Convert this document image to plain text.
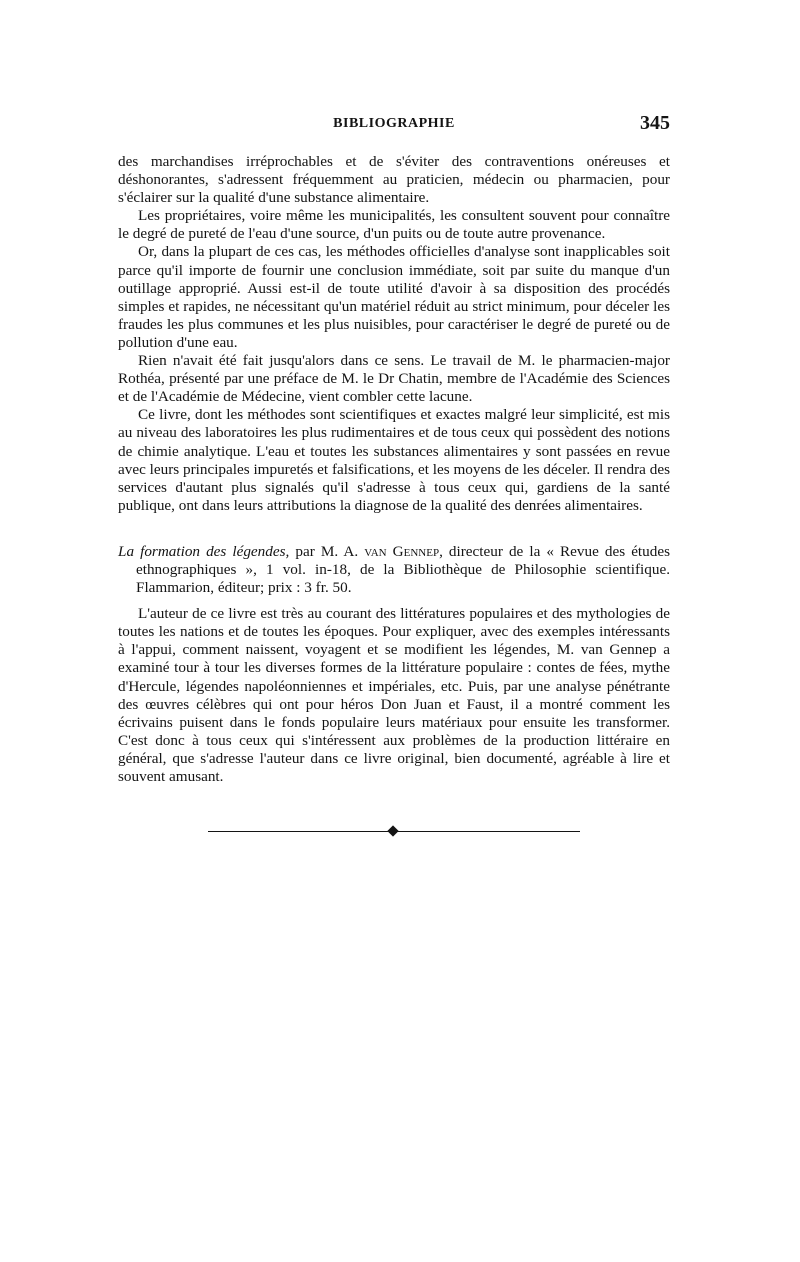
BIBLIOGRAPHIE	345

des marchandises irréprochables et de s'éviter des contraventions onéreuses et déshonorantes, s'adressent fréquemment au praticien, médecin ou pharmacien, pour s'éclairer sur la qualité d'une substance alimentaire.

Les propriétaires, voire même les municipalités, les consultent souvent pour connaître le degré de pureté de l'eau d'une source, d'un puits ou de toute autre provenance.

Or, dans la plupart de ces cas, les méthodes officielles d'analyse sont inapplicables soit parce qu'il importe de fournir une conclusion immédiate, soit par suite du manque d'un outillage approprié. Aussi est-il de toute utilité d'avoir à sa disposition des procédés simples et rapides, ne nécessitant qu'un matériel réduit au strict minimum, pour déceler les fraudes les plus communes et les plus nuisibles, pour caractériser le degré de pureté ou de pollution d'une eau.

Rien n'avait été fait jusqu'alors dans ce sens. Le travail de M. le pharmacien-major Rothéa, présenté par une préface de M. le Dr Chatin, membre de l'Académie des Sciences et de l'Académie de Médecine, vient combler cette lacune.

Ce livre, dont les méthodes sont scientifiques et exactes malgré leur simplicité, est mis au niveau des laboratoires les plus rudimentaires et de tous ceux qui possèdent des notions de chimie analytique. L'eau et toutes les substances alimentaires y sont passées en revue avec leurs principales impuretés et falsifications, et les moyens de les déceler. Il rendra des services d'autant plus signalés qu'il s'adresse à tous ceux qui, gardiens de la santé publique, ont dans leurs attributions la diagnose de la qualité des denrées alimentaires.

La formation des légendes, par M. A. van Gennep, directeur de la « Revue des études ethnographiques », 1 vol. in-18, de la Bibliothèque de Philosophie scientifique. Flammarion, éditeur; prix : 3 fr. 50.

L'auteur de ce livre est très au courant des littératures populaires et des mythologies de toutes les nations et de toutes les époques. Pour expliquer, avec des exemples intéressants à l'appui, comment naissent, voyagent et se modifient les légendes, M. van Gennep a examiné tour à tour les diverses formes de la littérature populaire : contes de fées, mythe d'Hercule, légendes napoléonniennes et impériales, etc. Puis, par une analyse pénétrante des œuvres célèbres qui ont pour héros Don Juan et Faust, il a montré comment les écrivains puisent dans le fonds populaire leurs matériaux pour ensuite les transformer. C'est donc à tous ceux qui s'intéressent aux problèmes de la production littéraire en général, que s'adresse l'auteur dans ce livre original, bien documenté, agréable à lire et souvent amusant.
